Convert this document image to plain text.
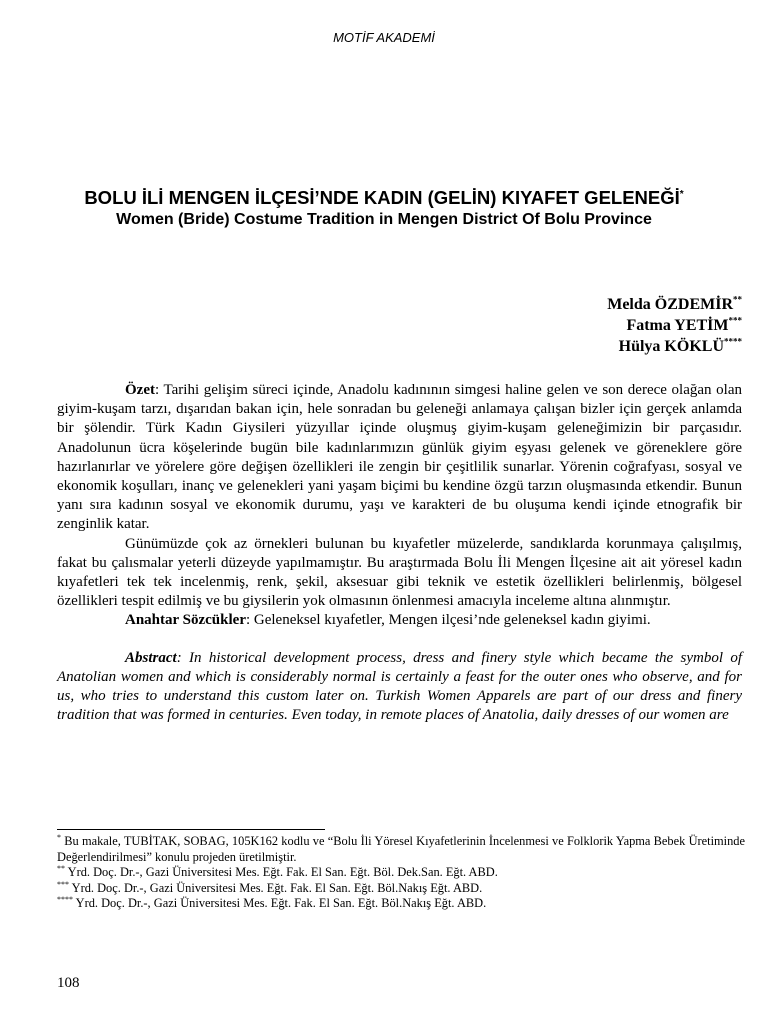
MOTİF AKADEMİ

BOLU İLİ MENGEN İLÇESİ’NDE KADIN (GELİN) KIYAFET GELENEĞİ*

Women (Bride) Costume Tradition in Mengen District Of Bolu Province

Melda ÖZDEMİR**
Fatma YETİM***
Hülya KÖKLÜ****

Özet: Tarihi gelişim süreci içinde, Anadolu kadınının simgesi haline gelen ve son derece olağan olan giyim-kuşam tarzı, dışarıdan bakan için, hele sonradan bu geleneği anlamaya çalışan bizler için gerçek anlamda bir şölendir. Türk Kadın Giysileri yüzyıllar içinde oluşmuş giyim-kuşam geleneğimizin bir parçasıdır. Anadolunun ücra köşelerinde bugün bile kadınlarımızın günlük giyim eşyası gelenek ve göreneklere göre hazırlanırlar ve yörelere göre değişen özellikleri ile zengin bir çeşitlilik sunarlar. Yörenin coğrafyası, sosyal ve ekonomik koşulları, inanç ve gelenekleri yani yaşam biçimi bu kendine özgü tarzın oluşmasında etkendir. Bunun yanı sıra kadının sosyal ve ekonomik durumu, yaşı ve karakteri de bu oluşuma kendi içinde etnografik bir zenginlik katar.

Günümüzde çok az örnekleri bulunan bu kıyafetler müzelerde, sandıklarda korunmaya çalışılmış, fakat bu çalısmalar yeterli düzeyde yapılmamıştır. Bu araştırmada Bolu İli Mengen İlçesine ait ait yöresel kadın kıyafetleri tek tek incelenmiş, renk, şekil, aksesuar gibi teknik ve estetik özellikleri belirlenmiş, bölgesel özellikleri tespit edilmiş ve bu giysilerin yok olmasının önlenmesi amacıyla inceleme altına alınmıştır.

Anahtar Sözcükler: Geleneksel kıyafetler, Mengen ilçesi’nde geleneksel kadın giyimi.

Abstract: In historical development process, dress and finery style which became the symbol of Anatolian women and which is considerably normal is certainly a feast for the outer ones who observe, and for us, who tries to understand this custom later on. Turkish Women Apparels are part of our dress and finery tradition that was formed in centuries. Even today, in remote places of Anatolia, daily dresses of our women are

* Bu makale, TUBİTAK, SOBAG, 105K162 kodlu ve “Bolu İli Yöresel Kıyafetlerinin İncelenmesi ve Folklorik Yapma Bebek Üretiminde Değerlendirilmesi” konulu projeden üretilmiştir.

** Yrd. Doç. Dr.-, Gazi Üniversitesi Mes. Eğt. Fak. El San. Eğt. Böl. Dek.San. Eğt. ABD.

*** Yrd. Doç. Dr.-, Gazi Üniversitesi Mes. Eğt. Fak. El San. Eğt. Böl.Nakış Eğt. ABD.

**** Yrd. Doç. Dr.-, Gazi Üniversitesi Mes. Eğt. Fak. El San. Eğt. Böl.Nakış Eğt. ABD.

108
